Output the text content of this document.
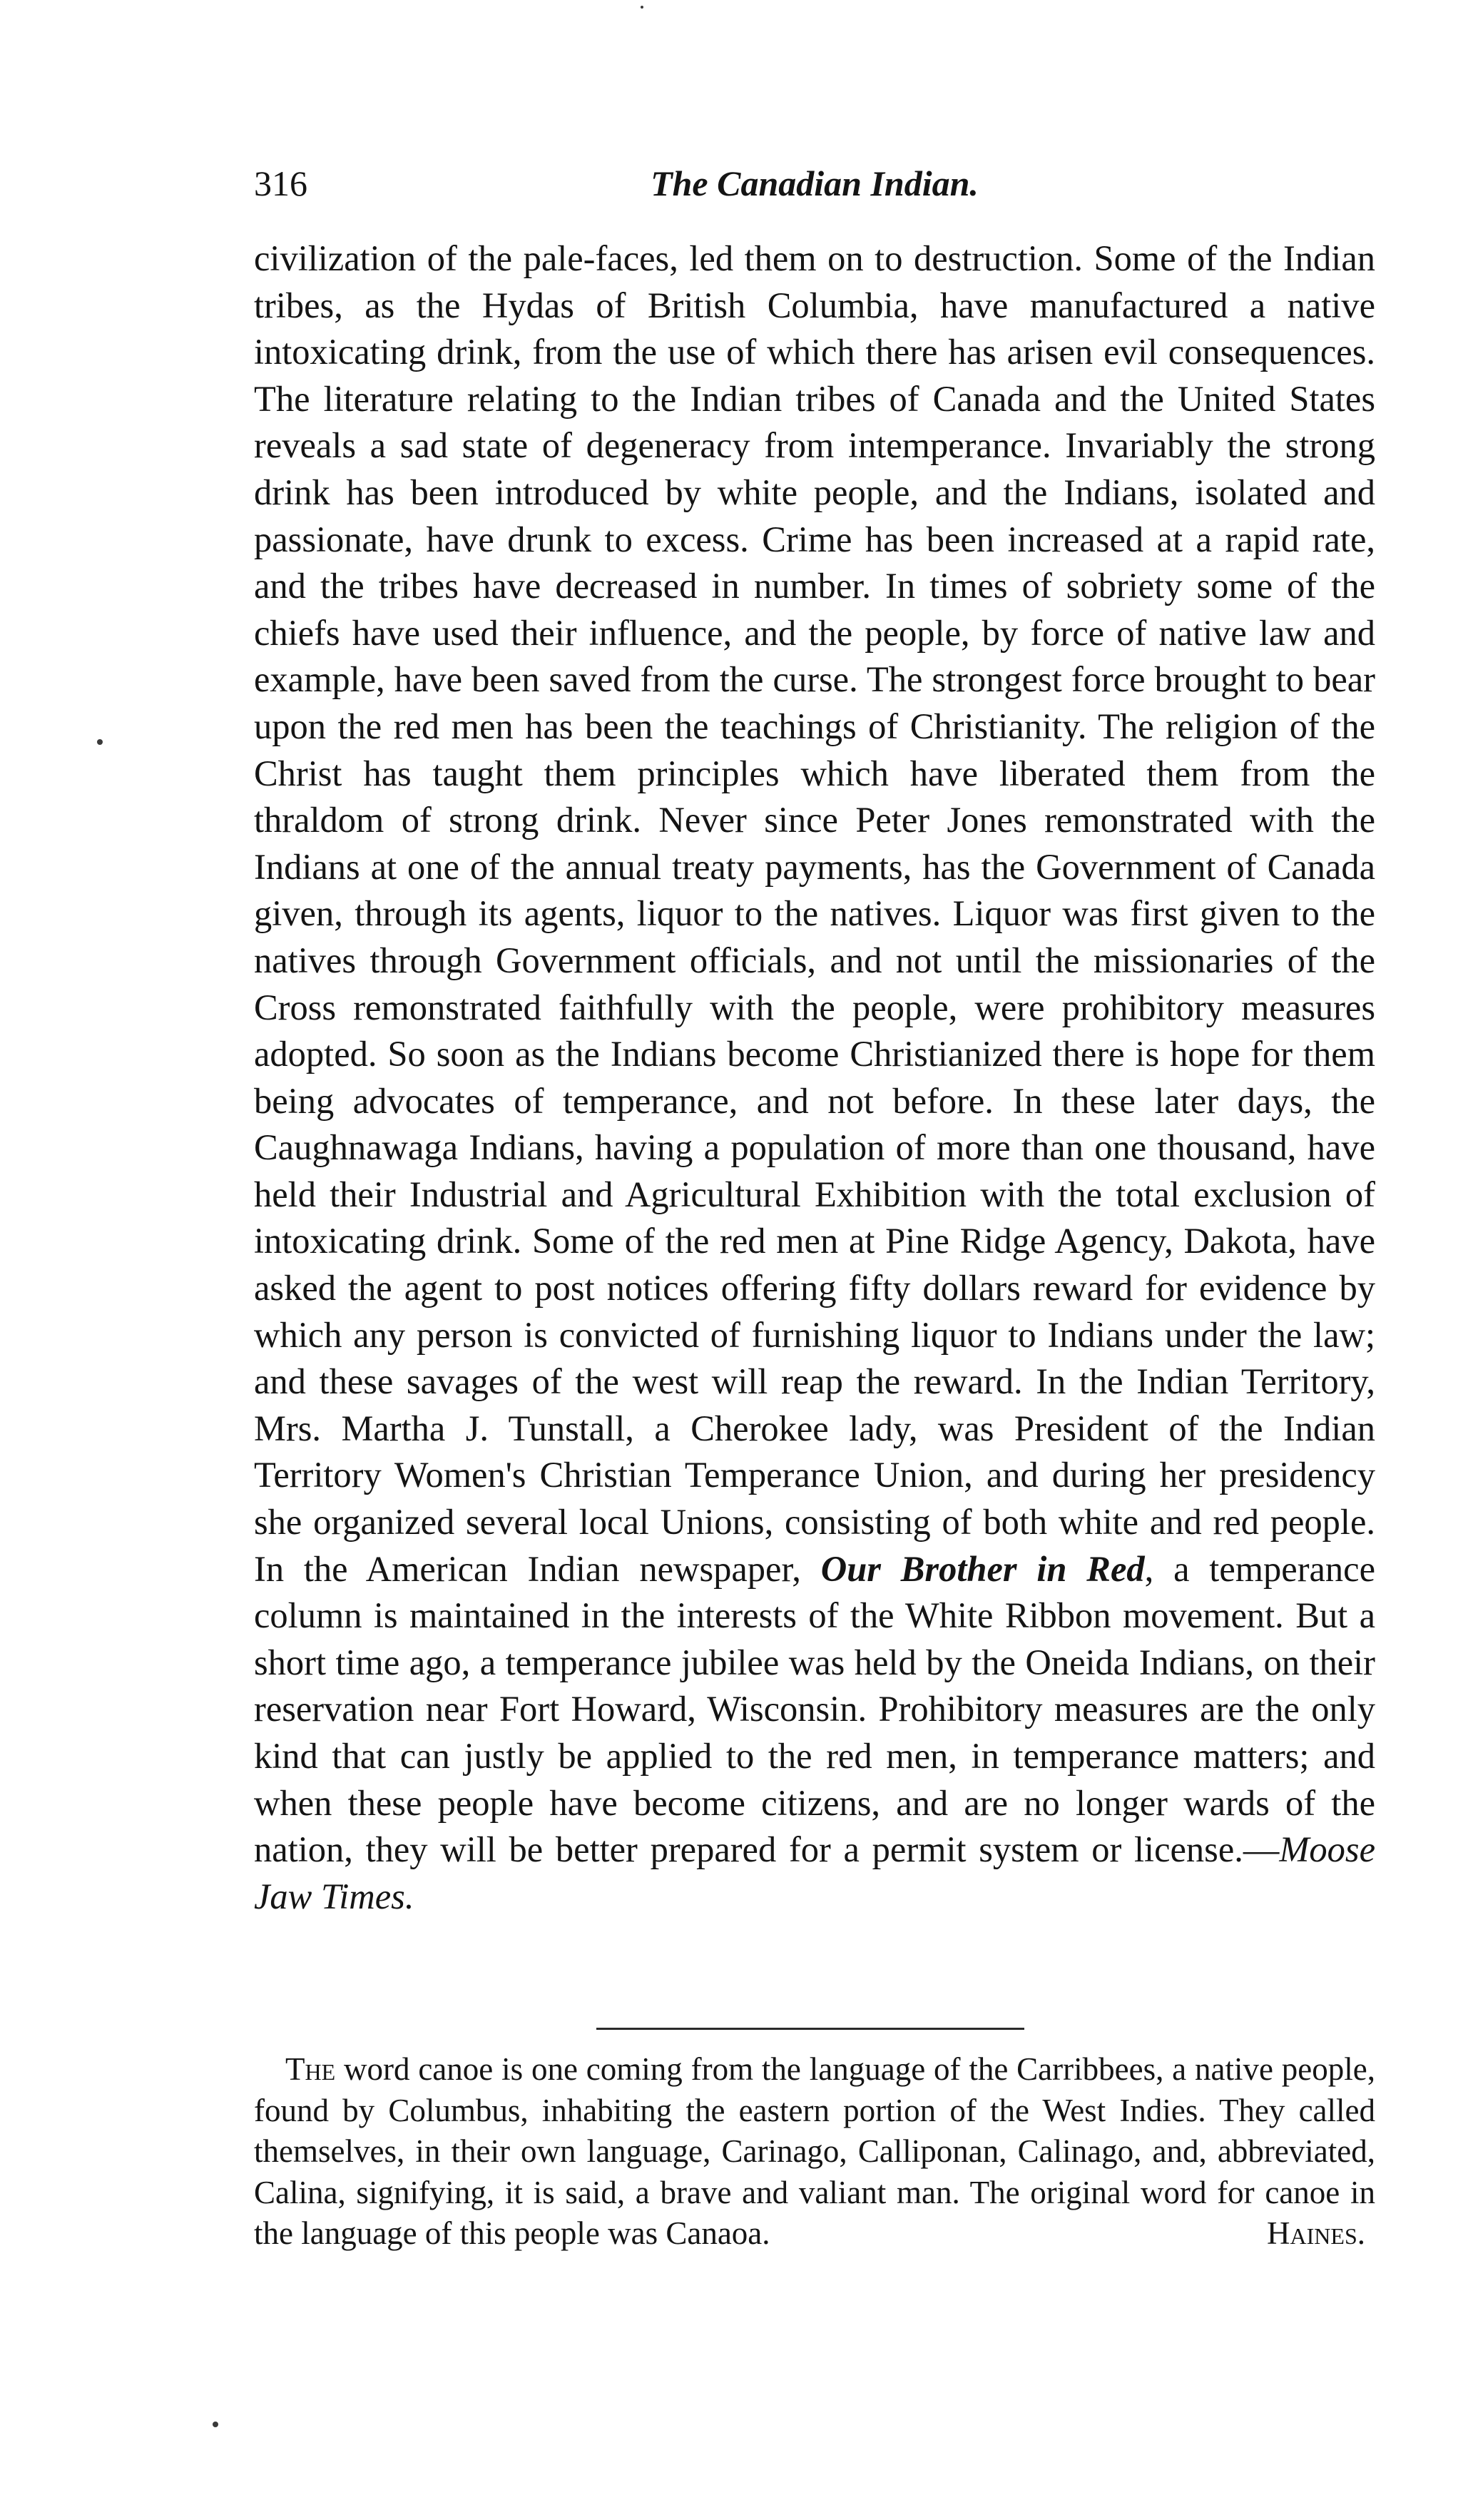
316	The Canadian Indian.

civilization of the pale-faces, led them on to destruction. Some of the Indian tribes, as the Hydas of British Columbia, have manufactured a native intoxicating drink, from the use of which there has arisen evil consequences. The literature relating to the Indian tribes of Canada and the United States reveals a sad state of degeneracy from intemperance. Invariably the strong drink has been introduced by white people, and the Indians, isolated and passionate, have drunk to excess. Crime has been increased at a rapid rate, and the tribes have decreased in number. In times of sobriety some of the chiefs have used their influence, and the people, by force of native law and example, have been saved from the curse. The strongest force brought to bear upon the red men has been the teachings of Christianity. The religion of the Christ has taught them principles which have liberated them from the thraldom of strong drink. Never since Peter Jones remonstrated with the Indians at one of the annual treaty payments, has the Government of Canada given, through its agents, liquor to the natives. Liquor was first given to the natives through Government officials, and not until the missionaries of the Cross remonstrated faithfully with the people, were prohibitory measures adopted. So soon as the Indians become Christianized there is hope for them being advocates of temperance, and not before. In these later days, the Caughnawaga Indians, having a population of more than one thousand, have held their Industrial and Agricultural Exhibition with the total exclusion of intoxicating drink. Some of the red men at Pine Ridge Agency, Dakota, have asked the agent to post notices offering fifty dollars reward for evidence by which any person is convicted of furnishing liquor to Indians under the law; and these savages of the west will reap the reward. In the Indian Territory, Mrs. Martha J. Tunstall, a Cherokee lady, was President of the Indian Territory Women's Christian Temperance Union, and during her presidency she organized several local Unions, consisting of both white and red people. In the American Indian newspaper, Our Brother in Red, a temperance column is maintained in the interests of the White Ribbon movement. But a short time ago, a temperance jubilee was held by the Oneida Indians, on their reservation near Fort Howard, Wisconsin. Prohibitory measures are the only kind that can justly be applied to the red men, in temperance matters; and when these people have become citizens, and are no longer wards of the nation, they will be better prepared for a permit system or license.—Moose Jaw Times.

The word canoe is one coming from the language of the Carribbees, a native people, found by Columbus, inhabiting the eastern portion of the West Indies. They called themselves, in their own language, Carinago, Calliponan, Calinago, and, abbreviated, Calina, signifying, it is said, a brave and valiant man. The original word for canoe in the language of this people was Canaoa.	Haines.
